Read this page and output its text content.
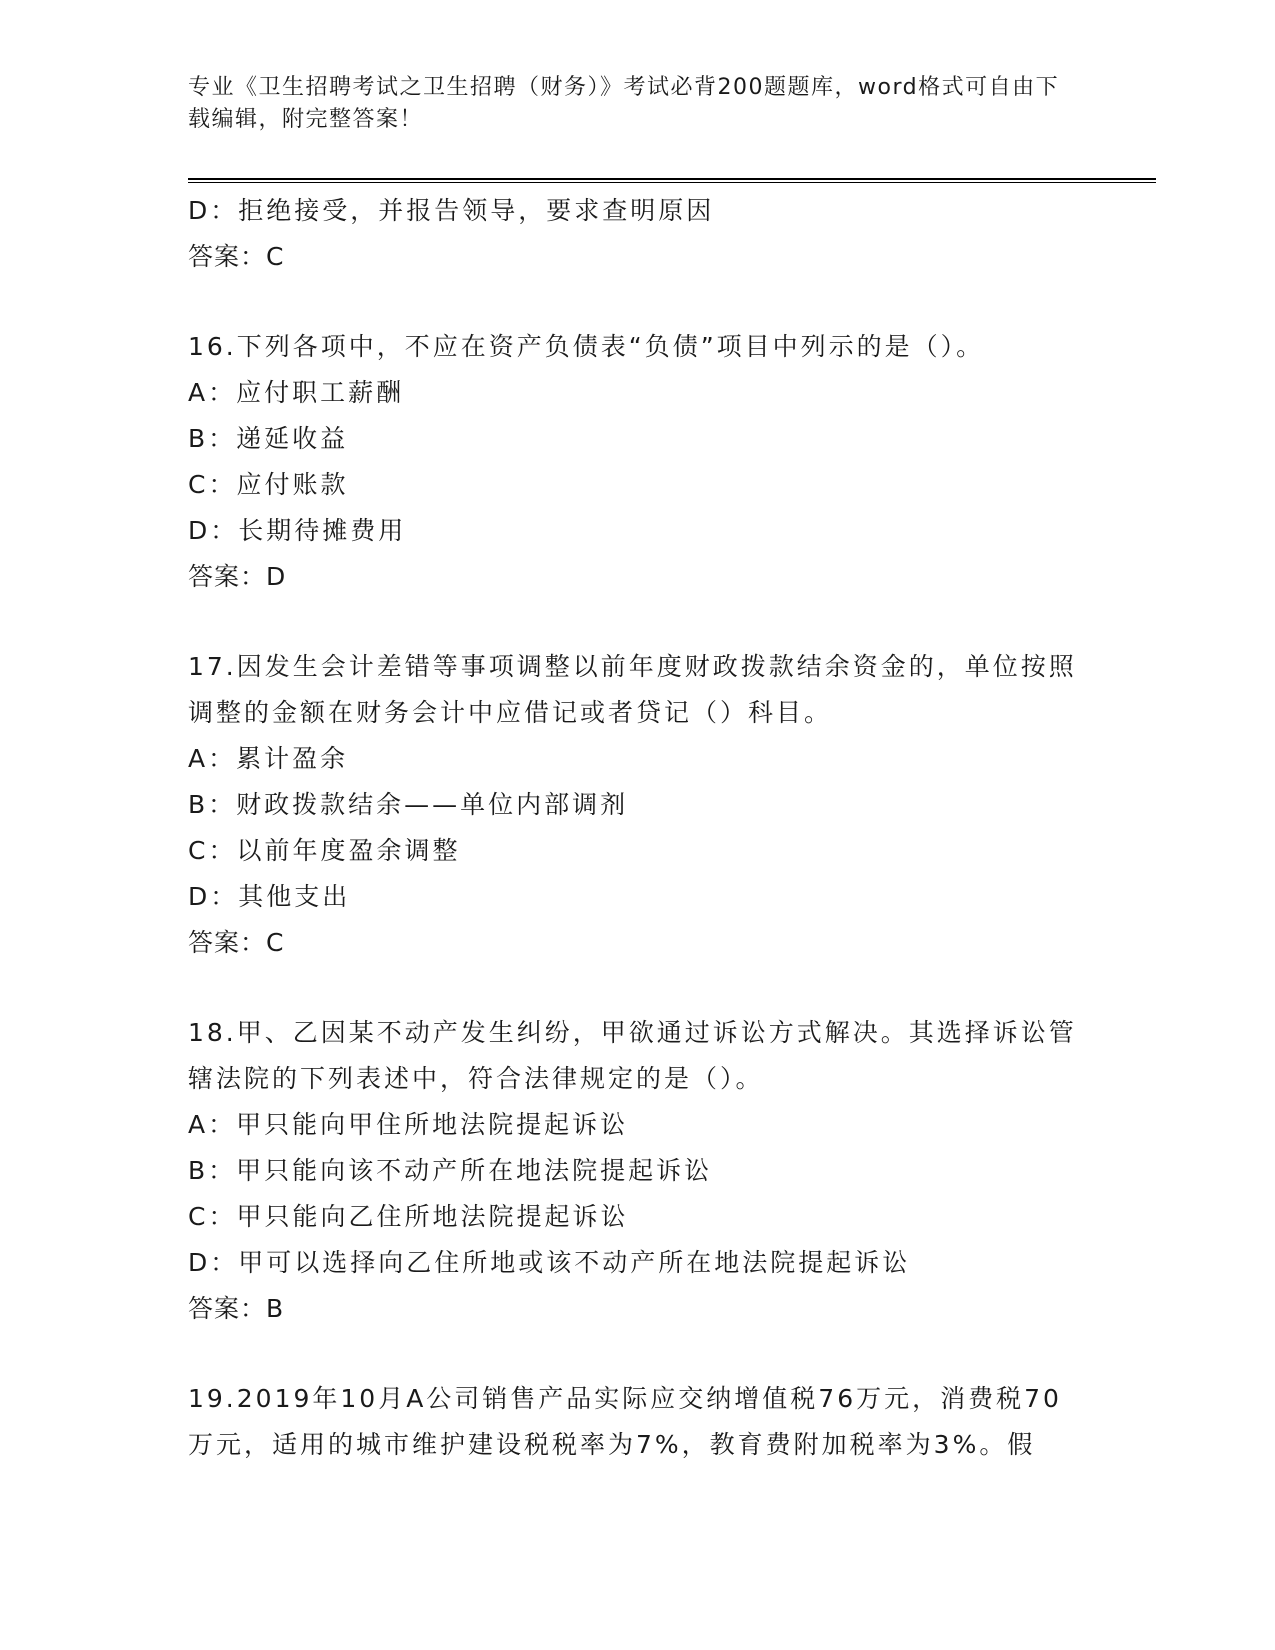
专业《卫生招聘考试之卫生招聘（财务）》考试必背200题题库，word格式可自由下载编辑，附完整答案！
D：拒绝接受，并报告领导，要求查明原因
答案：C
16.下列各项中，不应在资产负债表“负债”项目中列示的是（）。
A：应付职工薪酬
B：递延收益
C：应付账款
D：长期待摊费用
答案：D
17.因发生会计差错等事项调整以前年度财政拨款结余资金的，单位按照调整的金额在财务会计中应借记或者贷记（）科目。
A：累计盈余
B：财政拨款结余——单位内部调剂
C：以前年度盈余调整
D：其他支出
答案：C
18.甲、乙因某不动产发生纠纷，甲欲通过诉讼方式解决。其选择诉讼管辖法院的下列表述中，符合法律规定的是（）。
A：甲只能向甲住所地法院提起诉讼
B：甲只能向该不动产所在地法院提起诉讼
C：甲只能向乙住所地法院提起诉讼
D：甲可以选择向乙住所地或该不动产所在地法院提起诉讼
答案：B
19.2019年10月A公司销售产品实际应交纳增值税76万元，消费税70万元，适用的城市维护建设税税率为7%，教育费附加税率为3%。假
